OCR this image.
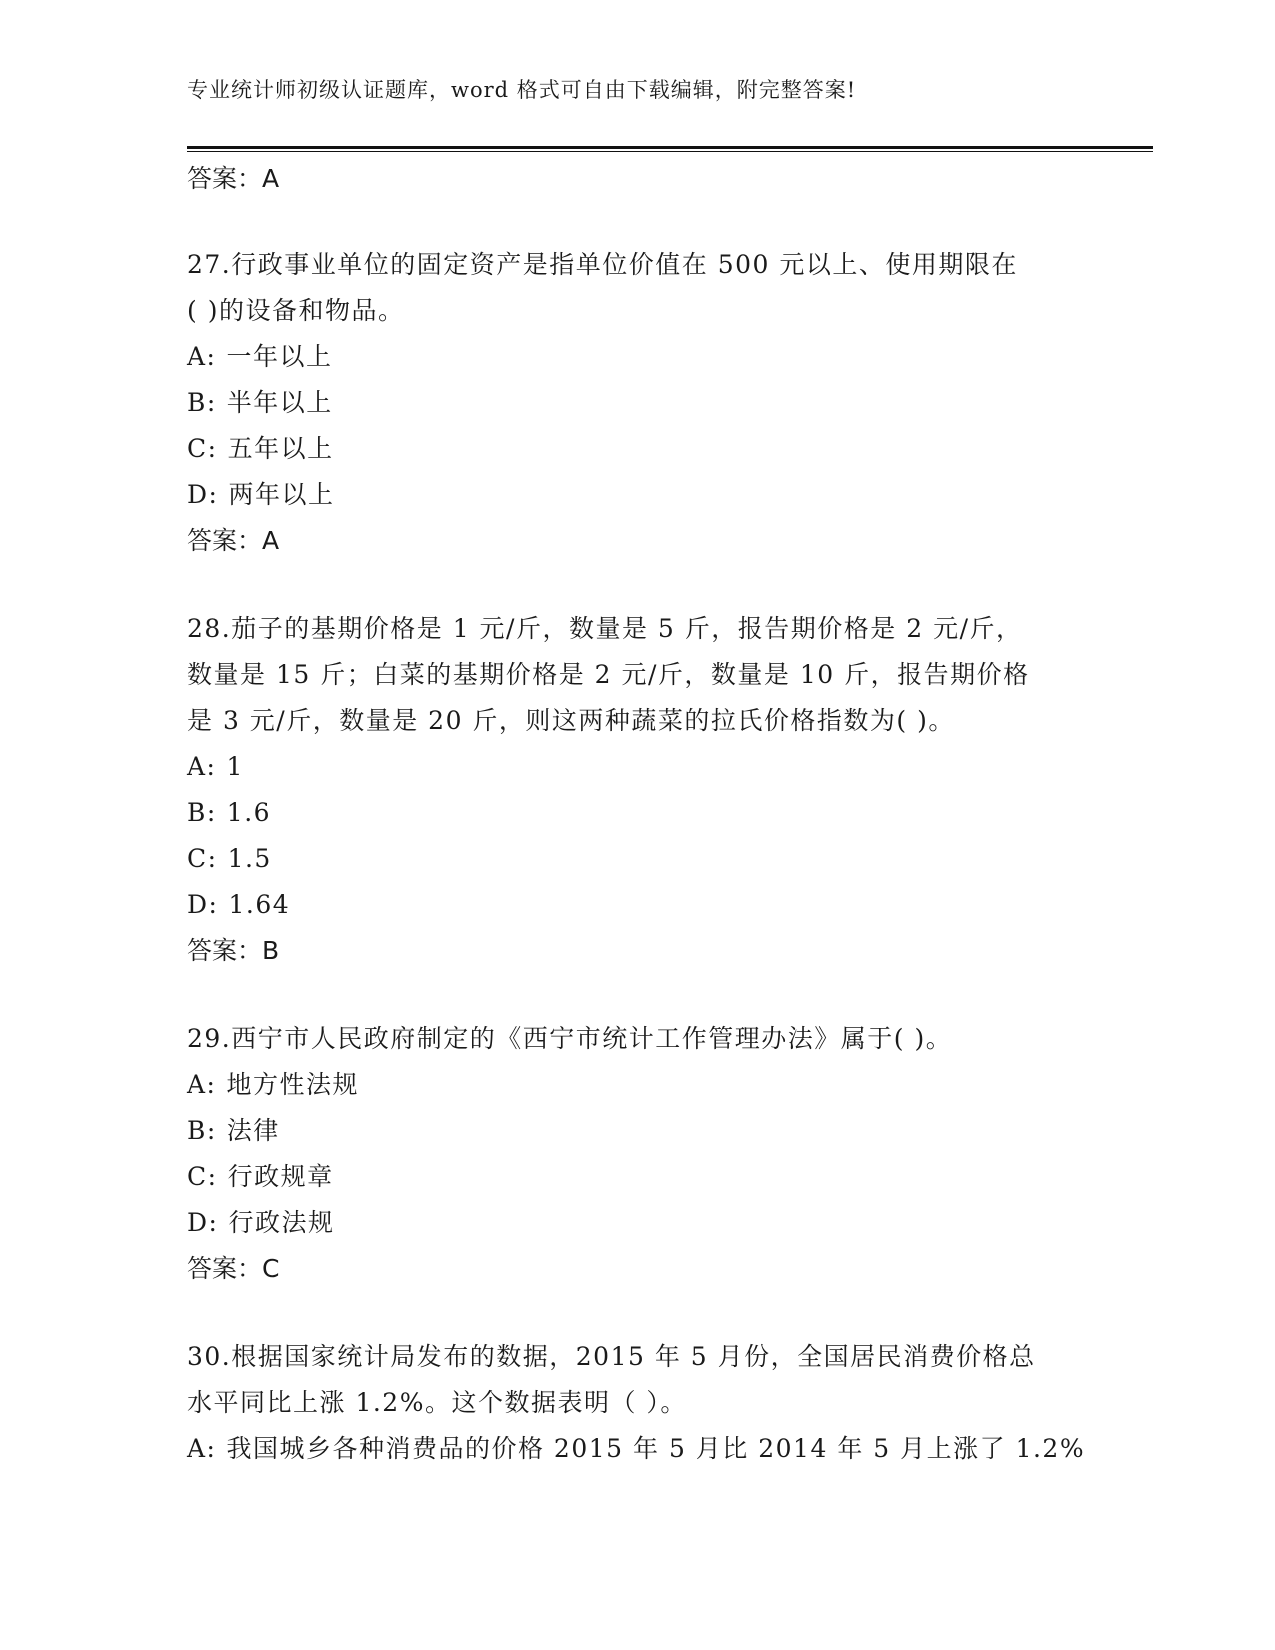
专业统计师初级认证题库，word 格式可自由下载编辑，附完整答案!
答案：A
27.行政事业单位的固定资产是指单位价值在 500 元以上、使用期限在
( )的设备和物品。
A: 一年以上
B: 半年以上
C: 五年以上
D: 两年以上
答案：A
28.茄子的基期价格是 1 元/斤，数量是 5 斤，报告期价格是 2 元/斤，
数量是 15 斤；白菜的基期价格是 2 元/斤，数量是 10 斤，报告期价格
是 3 元/斤，数量是 20 斤，则这两种蔬菜的拉氏价格指数为( )。
A: 1
B: 1.6
C: 1.5
D: 1.64
答案：B
29.西宁市人民政府制定的《西宁市统计工作管理办法》属于( )。
A: 地方性法规
B: 法律
C: 行政规章
D: 行政法规
答案：C
30.根据国家统计局发布的数据，2015 年 5 月份，全国居民消费价格总
水平同比上涨 1.2%。这个数据表明（ ）。
A: 我国城乡各种消费品的价格 2015 年 5 月比 2014 年 5 月上涨了 1.2%
